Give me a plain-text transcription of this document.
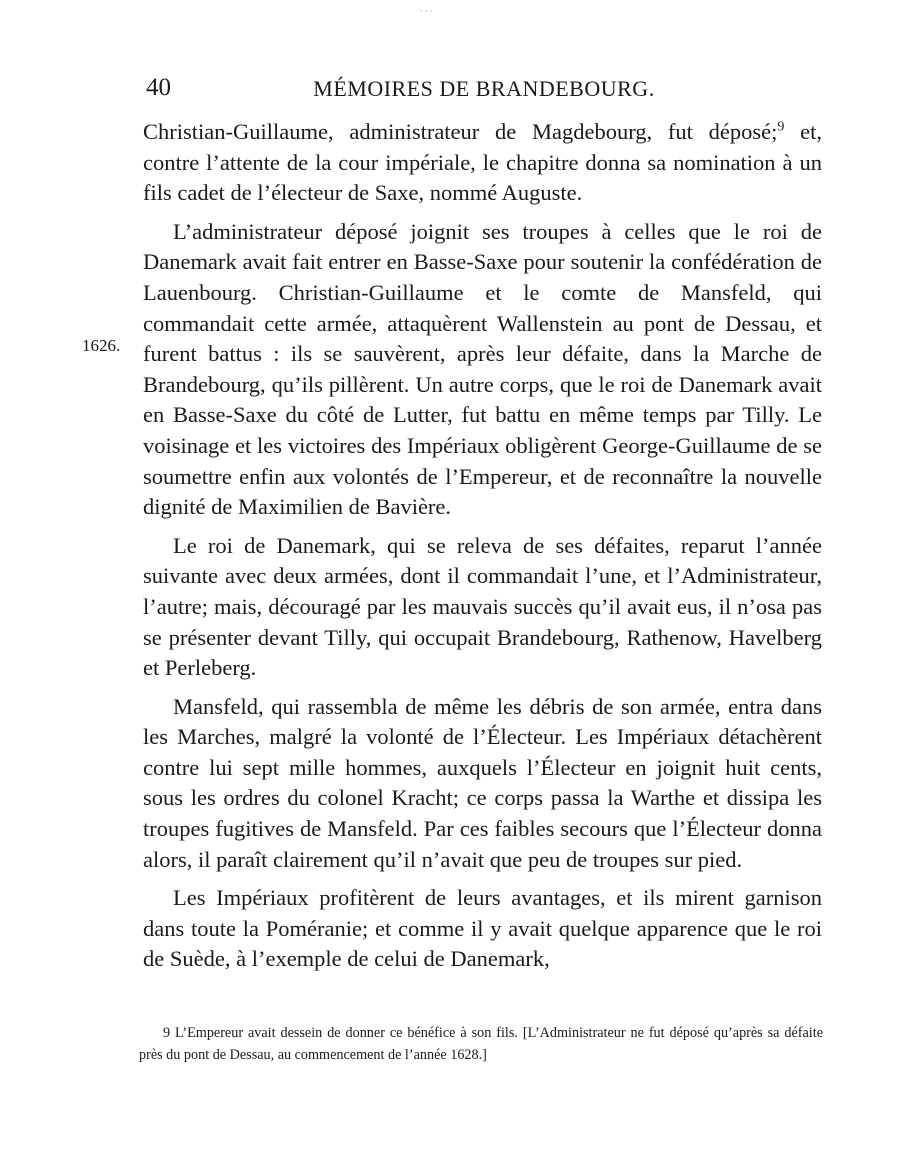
...
40	MÉMOIRES DE BRANDEBOURG.
1626.

Christian-Guillaume, administrateur de Magdebourg, fut déposé;$^9$ et, contre l’attente de la cour impériale, le chapitre donna sa nomination à un fils cadet de l’électeur de Saxe, nommé Auguste.

L’administrateur déposé joignit ses troupes à celles que le roi de Danemark avait fait entrer en Basse-Saxe pour soutenir la confédération de Lauenbourg. Christian-Guillaume et le comte de Mansfeld, qui commandait cette armée, attaquèrent Wallenstein au pont de Dessau, et furent battus : ils se sauvèrent, après leur défaite, dans la Marche de Brandebourg, qu’ils pillèrent. Un autre corps, que le roi de Danemark avait en Basse-Saxe du côté de Lutter, fut battu en même temps par Tilly. Le voisinage et les victoires des Impériaux obligèrent George-Guillaume de se soumettre enfin aux volontés de l’Empereur, et de reconnaître la nouvelle dignité de Maximilien de Bavière.

Le roi de Danemark, qui se releva de ses défaites, reparut l’année suivante avec deux armées, dont il commandait l’une, et l’Administrateur, l’autre; mais, découragé par les mauvais succès qu’il avait eus, il n’osa pas se présenter devant Tilly, qui occupait Brandebourg, Rathenow, Havelberg et Perleberg.

Mansfeld, qui rassembla de même les débris de son armée, entra dans les Marches, malgré la volonté de l’Électeur. Les Impériaux détachèrent contre lui sept mille hommes, auxquels l’Électeur en joignit huit cents, sous les ordres du colonel Kracht; ce corps passa la Warthe et dissipa les troupes fugitives de Mansfeld. Par ces faibles secours que l’Électeur donna alors, il paraît clairement qu’il n’avait que peu de troupes sur pied.

Les Impériaux profitèrent de leurs avantages, et ils mirent garnison dans toute la Poméranie; et comme il y avait quelque apparence que le roi de Suède, à l’exemple de celui de Danemark,

9 L’Empereur avait dessein de donner ce bénéfice à son fils. [L’Administrateur ne fut déposé qu’après sa défaite près du pont de Dessau, au commencement de l’année 1628.]
